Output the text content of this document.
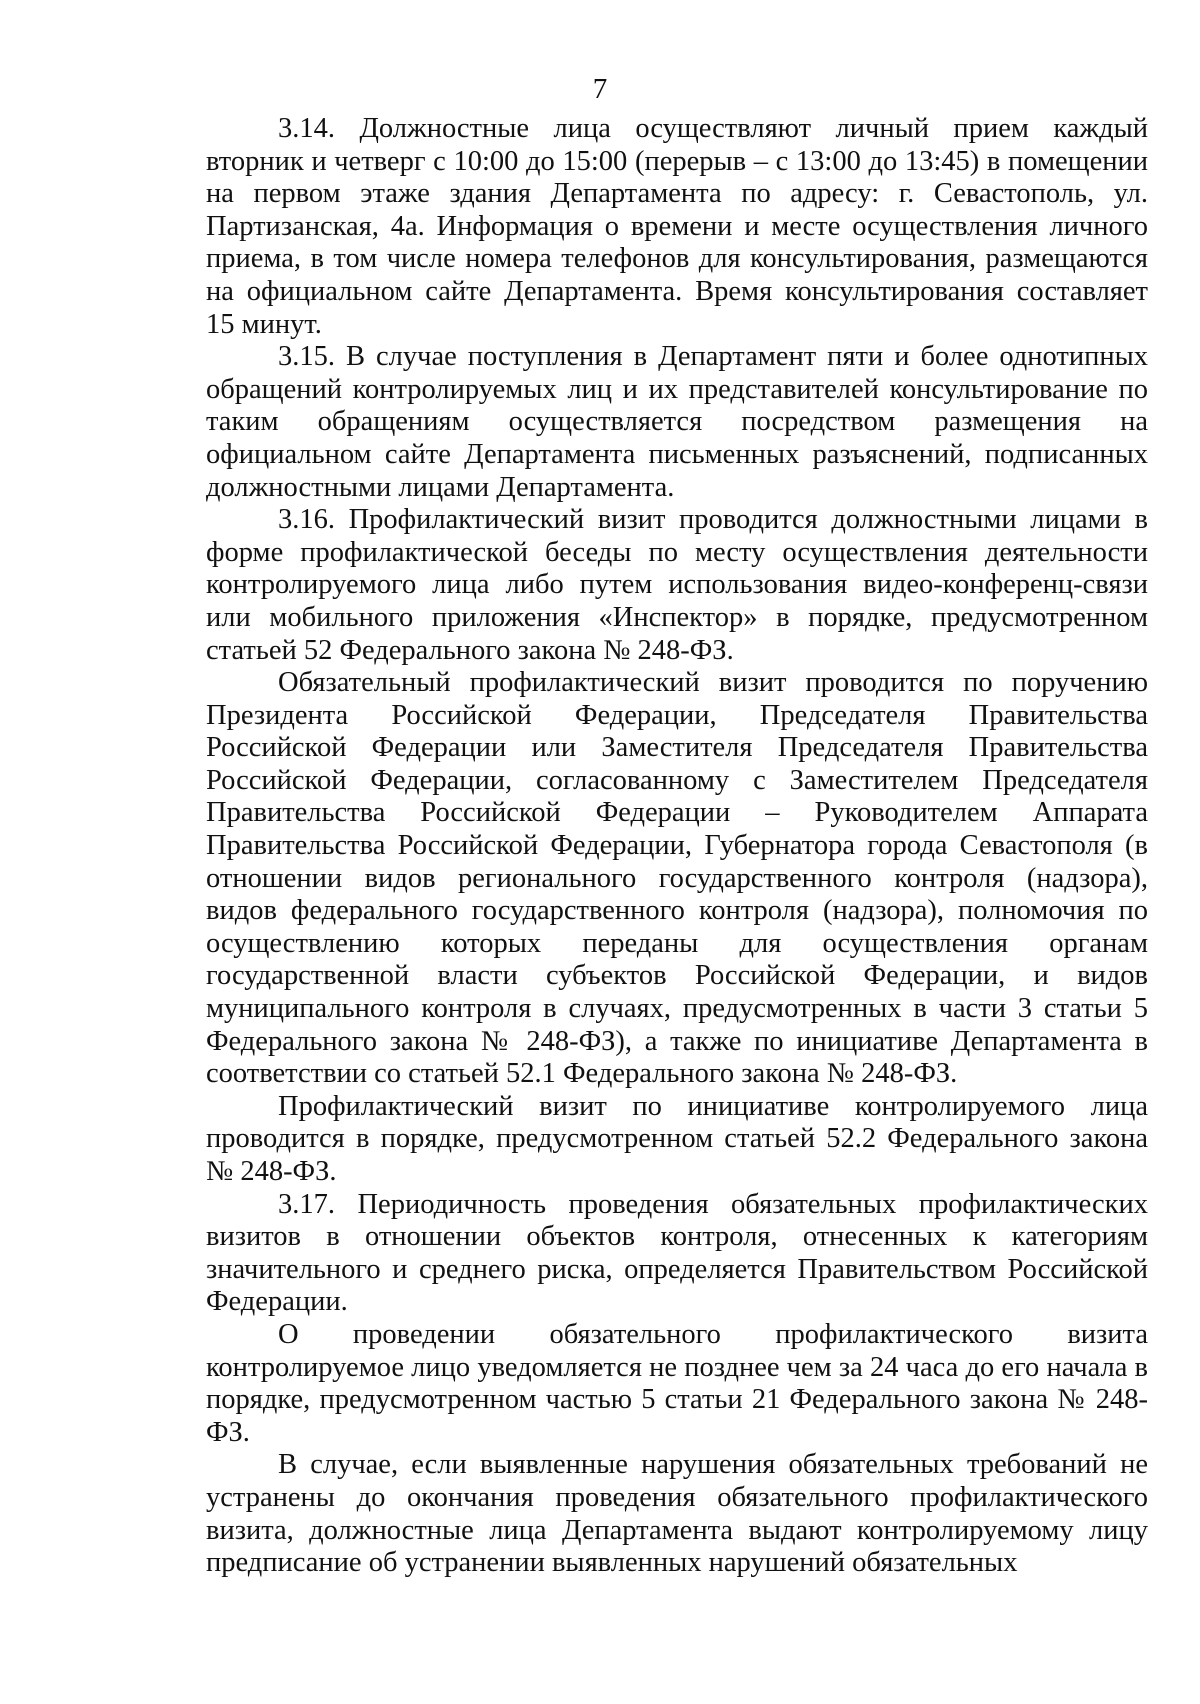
7

3.14. Должностные лица осуществляют личный прием каждый вторник и четверг с 10:00 до 15:00 (перерыв – с 13:00 до 13:45) в помещении на первом этаже здания Департамента по адресу: г. Севастополь, ул. Партизанская, 4а. Информация о времени и месте осуществления личного приема, в том числе номера телефонов для консультирования, размещаются на официальном сайте Департамента. Время консультирования составляет 15 минут.

3.15. В случае поступления в Департамент пяти и более однотипных обращений контролируемых лиц и их представителей консультирование по таким обращениям осуществляется посредством размещения на официальном сайте Департамента письменных разъяснений, подписанных должностными лицами Департамента.

3.16. Профилактический визит проводится должностными лицами в форме профилактической беседы по месту осуществления деятельности контролируемого лица либо путем использования видео-конференц-связи или мобильного приложения «Инспектор» в порядке, предусмотренном статьей 52 Федерального закона № 248-ФЗ.

Обязательный профилактический визит проводится по поручению Президента Российской Федерации, Председателя Правительства Российской Федерации или Заместителя Председателя Правительства Российской Федерации, согласованному с Заместителем Председателя Правительства Российской Федерации – Руководителем Аппарата Правительства Российской Федерации, Губернатора города Севастополя (в отношении видов регионального государственного контроля (надзора), видов федерального государственного контроля (надзора), полномочия по осуществлению которых переданы для осуществления органам государственной власти субъектов Российской Федерации, и видов муниципального контроля в случаях, предусмотренных в части 3 статьи 5 Федерального закона № 248-ФЗ), а также по инициативе Департамента в соответствии со статьей 52.1 Федерального закона № 248-ФЗ.

Профилактический визит по инициативе контролируемого лица проводится в порядке, предусмотренном статьей 52.2 Федерального закона № 248-ФЗ.

3.17. Периодичность проведения обязательных профилактических визитов в отношении объектов контроля, отнесенных к категориям значительного и среднего риска, определяется Правительством Российской Федерации.

О проведении обязательного профилактического визита контролируемое лицо уведомляется не позднее чем за 24 часа до его начала в порядке, предусмотренном частью 5 статьи 21 Федерального закона № 248-ФЗ.

В случае, если выявленные нарушения обязательных требований не устранены до окончания проведения обязательного профилактического визита, должностные лица Департамента выдают контролируемому лицу предписание об устранении выявленных нарушений обязательных
